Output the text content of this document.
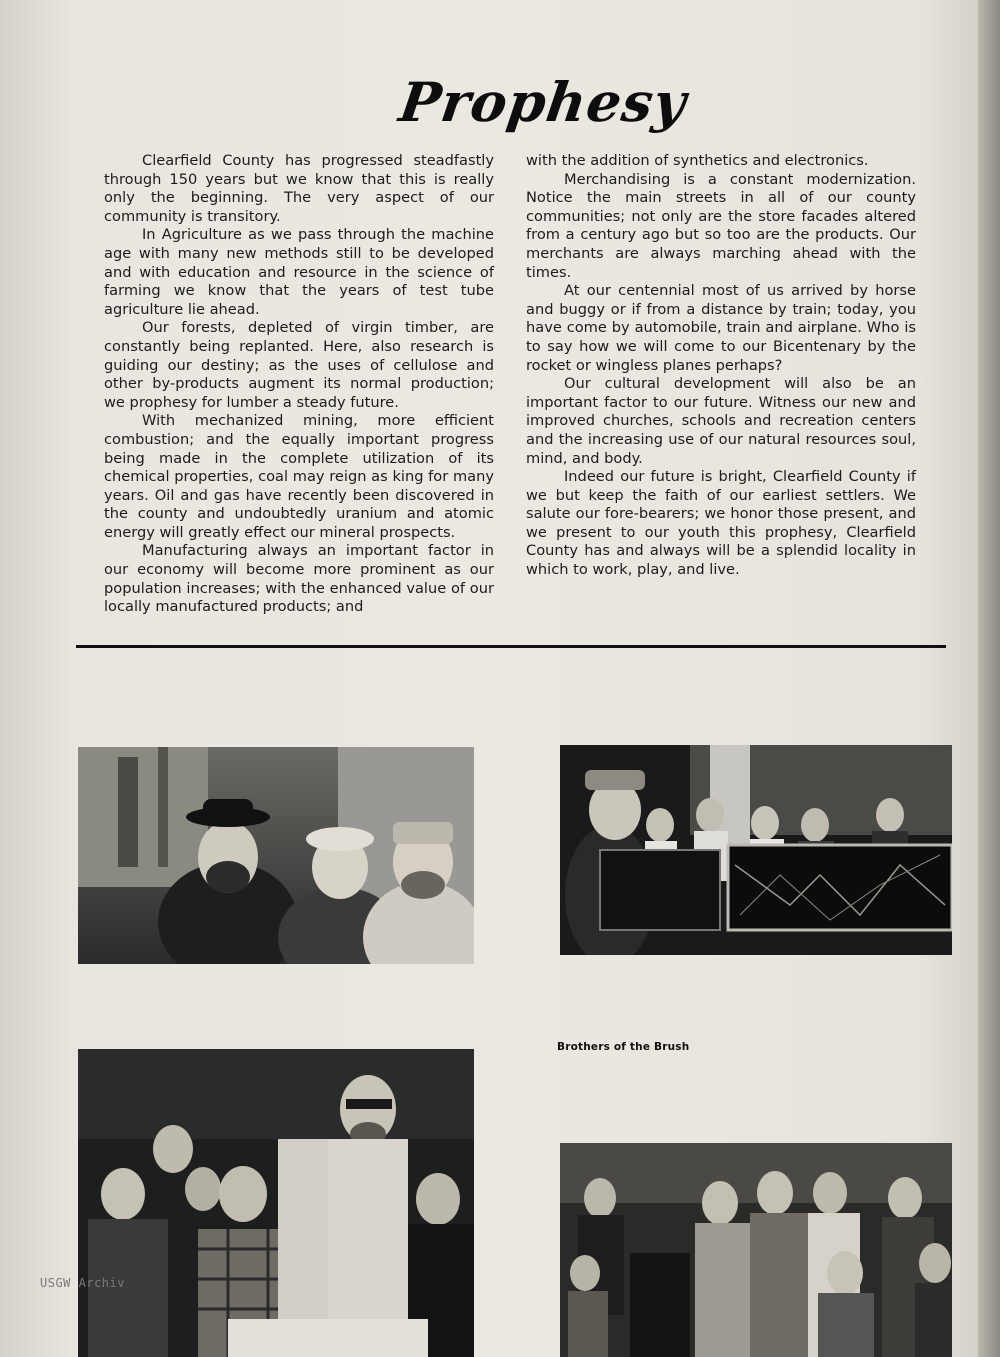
Prophesy

Clearfield County has progressed steadfastly through 150 years but we know that this is really only the beginning. The very aspect of our community is transitory.

In Agriculture as we pass through the machine age with many new methods still to be developed and with education and resource in the science of farming we know that the years of test tube agriculture lie ahead.

Our forests, depleted of virgin timber, are constantly being replanted. Here, also research is guiding our destiny; as the uses of cellulose and other by-products augment its normal production; we prophesy for lumber a steady future.

With mechanized mining, more efficient combustion; and the equally important progress being made in the complete utilization of its chemical properties, coal may reign as king for many years. Oil and gas have recently been discovered in the county and undoubtedly uranium and atomic energy will greatly effect our mineral prospects.

Manufacturing always an important factor in our economy will become more prominent as our population increases; with the enhanced value of our locally manufactured products; and

with the addition of synthetics and electronics.

Merchandising is a constant modernization. Notice the main streets in all of our county communities; not only are the store facades altered from a century ago but so too are the products. Our merchants are always marching ahead with the times.

At our centennial most of us arrived by horse and buggy or if from a distance by train; today, you have come by automobile, train and airplane. Who is to say how we will come to our Bicentenary by the rocket or wingless planes perhaps?

Our cultural development will also be an important factor to our future. Witness our new and improved churches, schools and recreation centers and the increasing use of our natural resources soul, mind, and body.

Indeed our future is bright, Clearfield County if we but keep the faith of our earliest settlers. We salute our fore-bearers; we honor those present, and we present to our youth this prophesy, Clearfield County has and always will be a splendid locality in which to work, play, and live.

Brothers of the Brush
USGW Archiv
